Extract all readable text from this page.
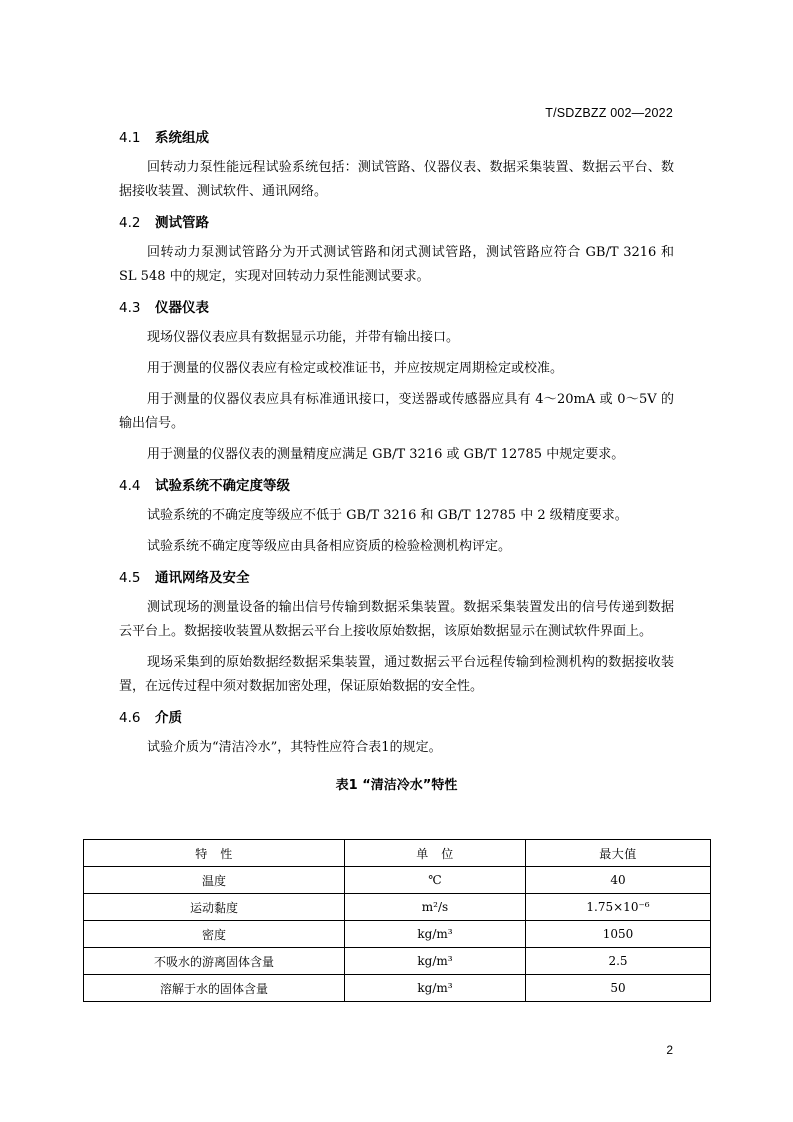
T/SDZBZZ 002—2022
4.1 系统组成

回转动力泵性能远程试验系统包括：测试管路、仪器仪表、数据采集装置、数据云平台、数据接收装置、测试软件、通讯网络。

4.2 测试管路

回转动力泵测试管路分为开式测试管路和闭式测试管路，测试管路应符合 GB/T 3216 和 SL 548 中的规定，实现对回转动力泵性能测试要求。

4.3 仪器仪表

现场仪器仪表应具有数据显示功能，并带有输出接口。

用于测量的仪器仪表应有检定或校准证书，并应按规定周期检定或校准。

用于测量的仪器仪表应具有标准通讯接口，变送器或传感器应具有 4～20mA 或 0～5V 的输出信号。

用于测量的仪器仪表的测量精度应满足 GB/T 3216 或 GB/T 12785 中规定要求。

4.4 试验系统不确定度等级

试验系统的不确定度等级应不低于 GB/T 3216 和 GB/T 12785 中 2 级精度要求。

试验系统不确定度等级应由具备相应资质的检验检测机构评定。

4.5 通讯网络及安全

测试现场的测量设备的输出信号传输到数据采集装置。数据采集装置发出的信号传递到数据云平台上。数据接收装置从数据云平台上接收原始数据，该原始数据显示在测试软件界面上。

现场采集到的原始数据经数据采集装置，通过数据云平台远程传输到检测机构的数据接收装置，在远传过程中须对数据加密处理，保证原始数据的安全性。

4.6 介质

试验介质为“清洁冷水”，其特性应符合表1的规定。

表1 “清洁冷水”特性
特　性	单　位	最大值
温度	℃	40
运动黏度	m²/s	1.75×10⁻⁶
密度	kg/m³	1050
不吸水的游离固体含量	kg/m³	2.5
溶解于水的固体含量	kg/m³	50
2
